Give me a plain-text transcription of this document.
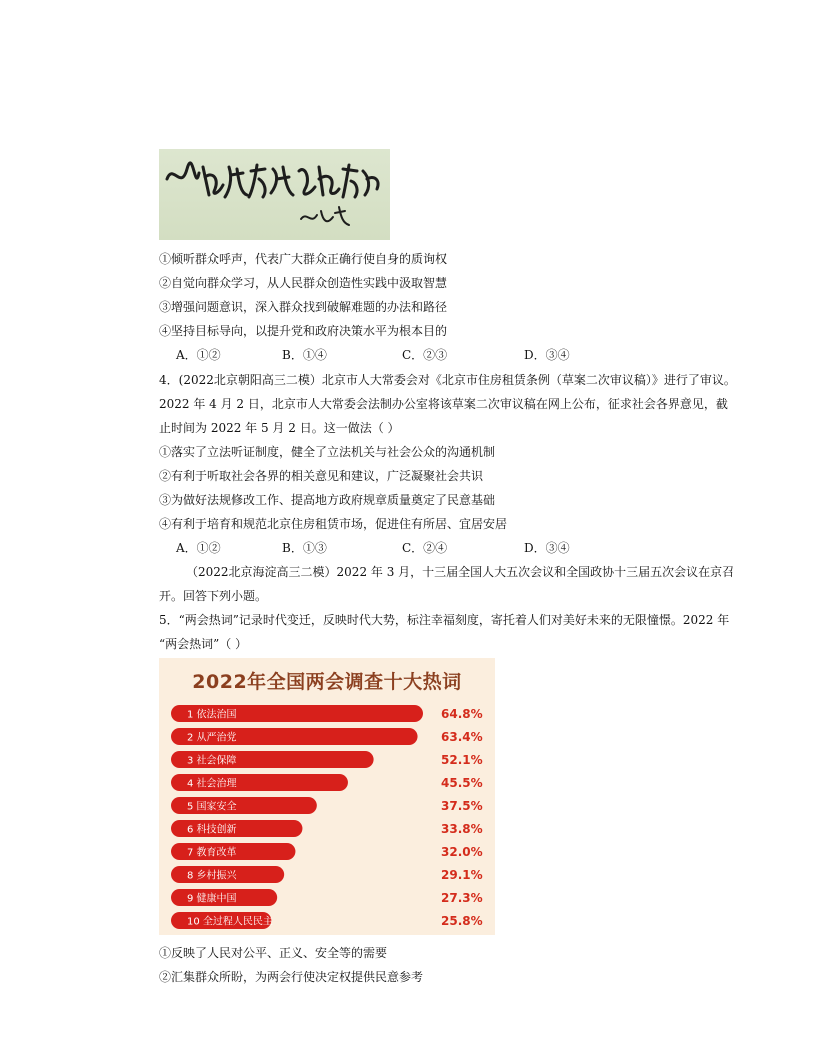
①倾听群众呼声，代表广大群众正确行使自身的质询权
②自觉向群众学习，从人民群众创造性实践中汲取智慧
③增强问题意识，深入群众找到破解难题的办法和路径
④坚持目标导向，以提升党和政府决策水平为根本目的
A．①②	B．①④	C．②③	D．③④
4．(2022北京朝阳高三二模）北京市人大常委会对《北京市住房租赁条例（草案二次审议稿）》进行了审议。
2022 年 4 月 2 日，北京市人大常委会法制办公室将该草案二次审议稿在网上公布，征求社会各界意见，截
止时间为 2022 年 5 月 2 日。这一做法（ ）
①落实了立法听证制度，健全了立法机关与社会公众的沟通机制
②有利于听取社会各界的相关意见和建议，广泛凝聚社会共识
③为做好法规修改工作、提高地方政府规章质量奠定了民意基础
④有利于培育和规范北京住房租赁市场，促进住有所居、宜居安居
A．①②	B．①③	C．②④	D．③④
（2022北京海淀高三二模）2022 年 3 月，十三届全国人大五次会议和全国政协十三届五次会议在京召
开。回答下列小题。
5．“两会热词”记录时代变迁，反映时代大势，标注幸福刻度，寄托着人们对美好未来的无限憧憬。2022 年
“两会热词”（ ）
2022年全国两会调查十大热词
1 依法治国	64.8%
2 从严治党	63.4%
3 社会保障	52.1%
4 社会治理	45.5%
5 国家安全	37.5%
6 科技创新	33.8%
7 教育改革	32.0%
8 乡村振兴	29.1%
9 健康中国	27.3%
10 全过程人民民主	25.8%
①反映了人民对公平、正义、安全等的需要
②汇集群众所盼，为两会行使决定权提供民意参考
